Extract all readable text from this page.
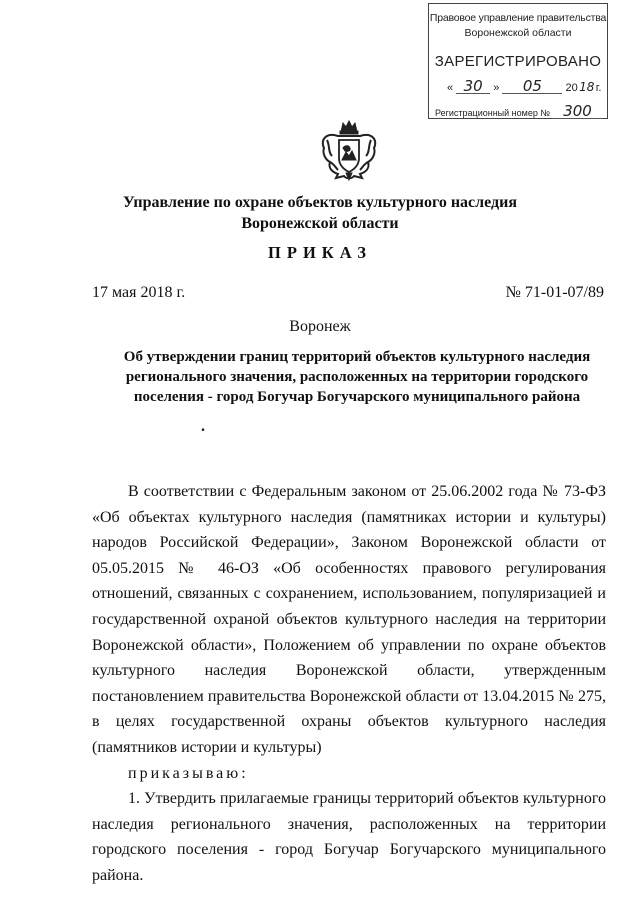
Правовое управление правительства
Воронежской области
ЗАРЕГИСТРИРОВАНО
« 30 » 05 2018г.
Регистрационный номер № 300
Управление по охране объектов культурного наследия
Воронежской области
ПРИКАЗ
17 мая 2018 г.	№ 71-01-07/89
Воронеж
Об утверждении границ территорий объектов культурного наследия
регионального значения, расположенных на территории городского
поселения - город Богучар Богучарского муниципального района
.

В соответствии с Федеральным законом от 25.06.2002 года № 73-ФЗ «Об объектах культурного наследия (памятниках истории и культуры) народов Российской Федерации», Законом Воронежской области от 05.05.2015 № 46-ОЗ «Об особенностях правового регулирования отношений, связанных с сохранением, использованием, популяризацией и государственной охраной объектов культурного наследия на территории Воронежской области», Положением об управлении по охране объектов культурного наследия Воронежской области, утвержденным постановлением правительства Воронежской области от 13.04.2015 № 275, в целях государственной охраны объектов культурного наследия (памятников истории и культуры)

приказываю:

1. Утвердить прилагаемые границы территорий объектов культурного наследия регионального значения, расположенных на территории городского поселения - город Богучар Богучарского муниципального района.
